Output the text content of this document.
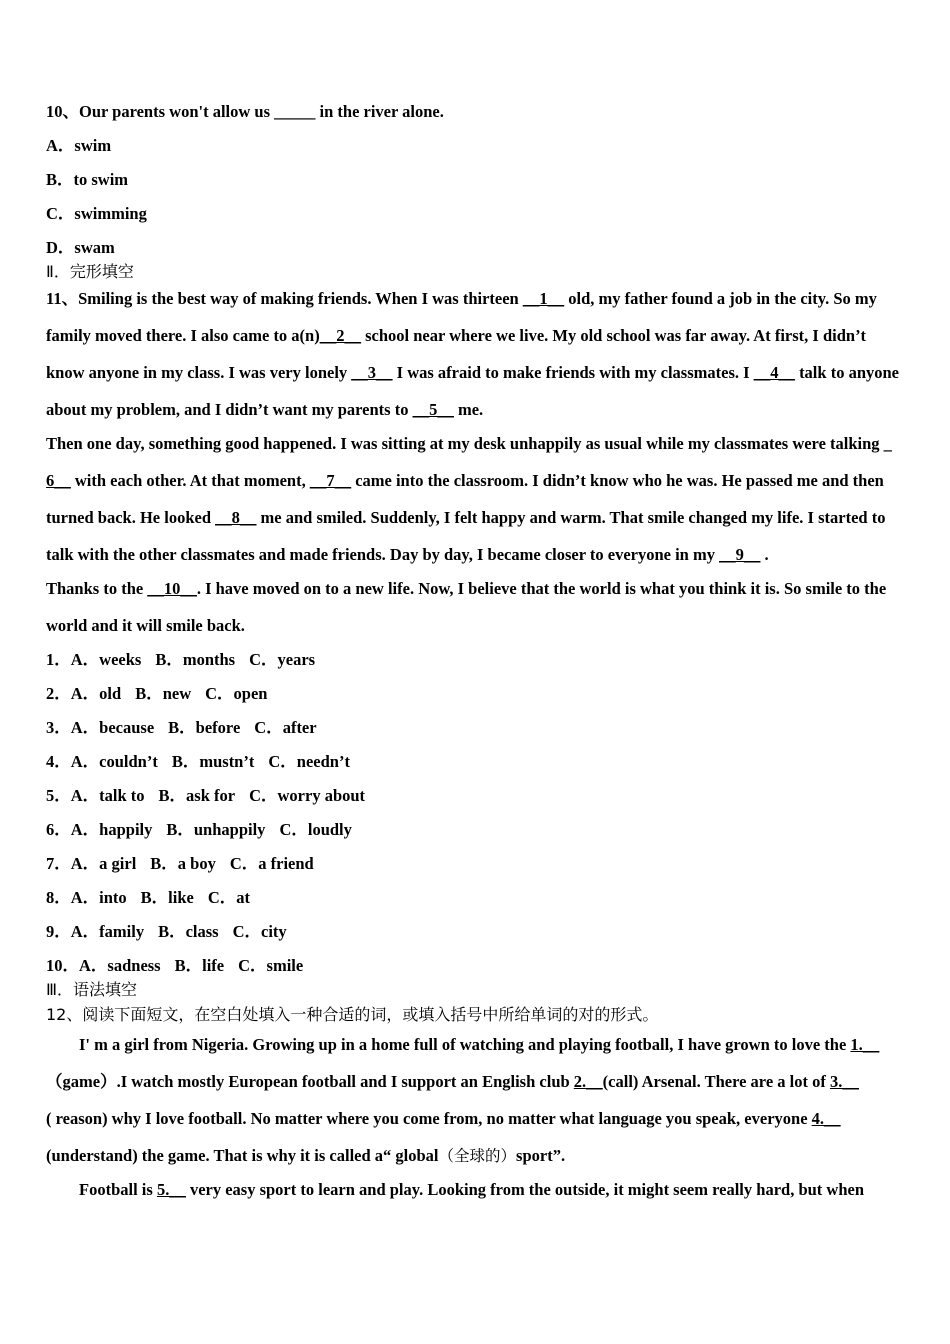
10、Our parents won't allow us _____ in the river alone.
A．swim
B．to swim
C．swimming
D．swam
Ⅱ．完形填空
11、Smiling is the best way of making friends. When I was thirteen __1__ old, my father found a job in the city. So my
family moved there. I also came to a(n)__2__ school near where we live. My old school was far away. At first, I didn’t
know anyone in my class. I was very lonely __3__ I was afraid to make friends with my classmates. I __4__ talk to anyone
about my problem, and I didn’t want my parents to __5__ me.
Then one day, something good happened. I was sitting at my desk unhappily as usual while my classmates were talking _
6__ with each other. At that moment, __7__ came into the classroom. I didn’t know who he was. He passed me and then
turned back. He looked __8__ me and smiled. Suddenly, I felt happy and warm. That smile changed my life. I started to
talk with the other classmates and made friends. Day by day, I became closer to everyone in my __9__ .
Thanks to the __10__. I have moved on to a new life. Now, I believe that the world is what you think it is. So smile to the
world and it will smile back.
1．A．weeks B．months C．years
2．A．old B．new C．open
3．A．because B．before C．after
4．A．couldn’t B．mustn’t C．needn’t
5．A．talk to B．ask for C．worry about
6．A．happily B．unhappily C．loudly
7．A．a girl B．a boy C．a friend
8．A．into B．like C．at
9．A．family B．class C．city
10．A．sadness B．life C．smile
Ⅲ．语法填空
12、阅读下面短文，在空白处填入一种合适的词，或填入括号中所给单词的对的形式。
I' m a girl from Nigeria. Growing up in a home full of watching and playing football, I have grown to love the 1.__
（game）.I watch mostly European football and I support an English club 2.__(call) Arsenal. There are a lot of 3.__
( reason) why I love football. No matter where you come from, no matter what language you speak, everyone 4.__
(understand) the game. That is why it is called a“ global（全球的）sport”.
Football is 5.__ very easy sport to learn and play. Looking from the outside, it might seem really hard, but when
